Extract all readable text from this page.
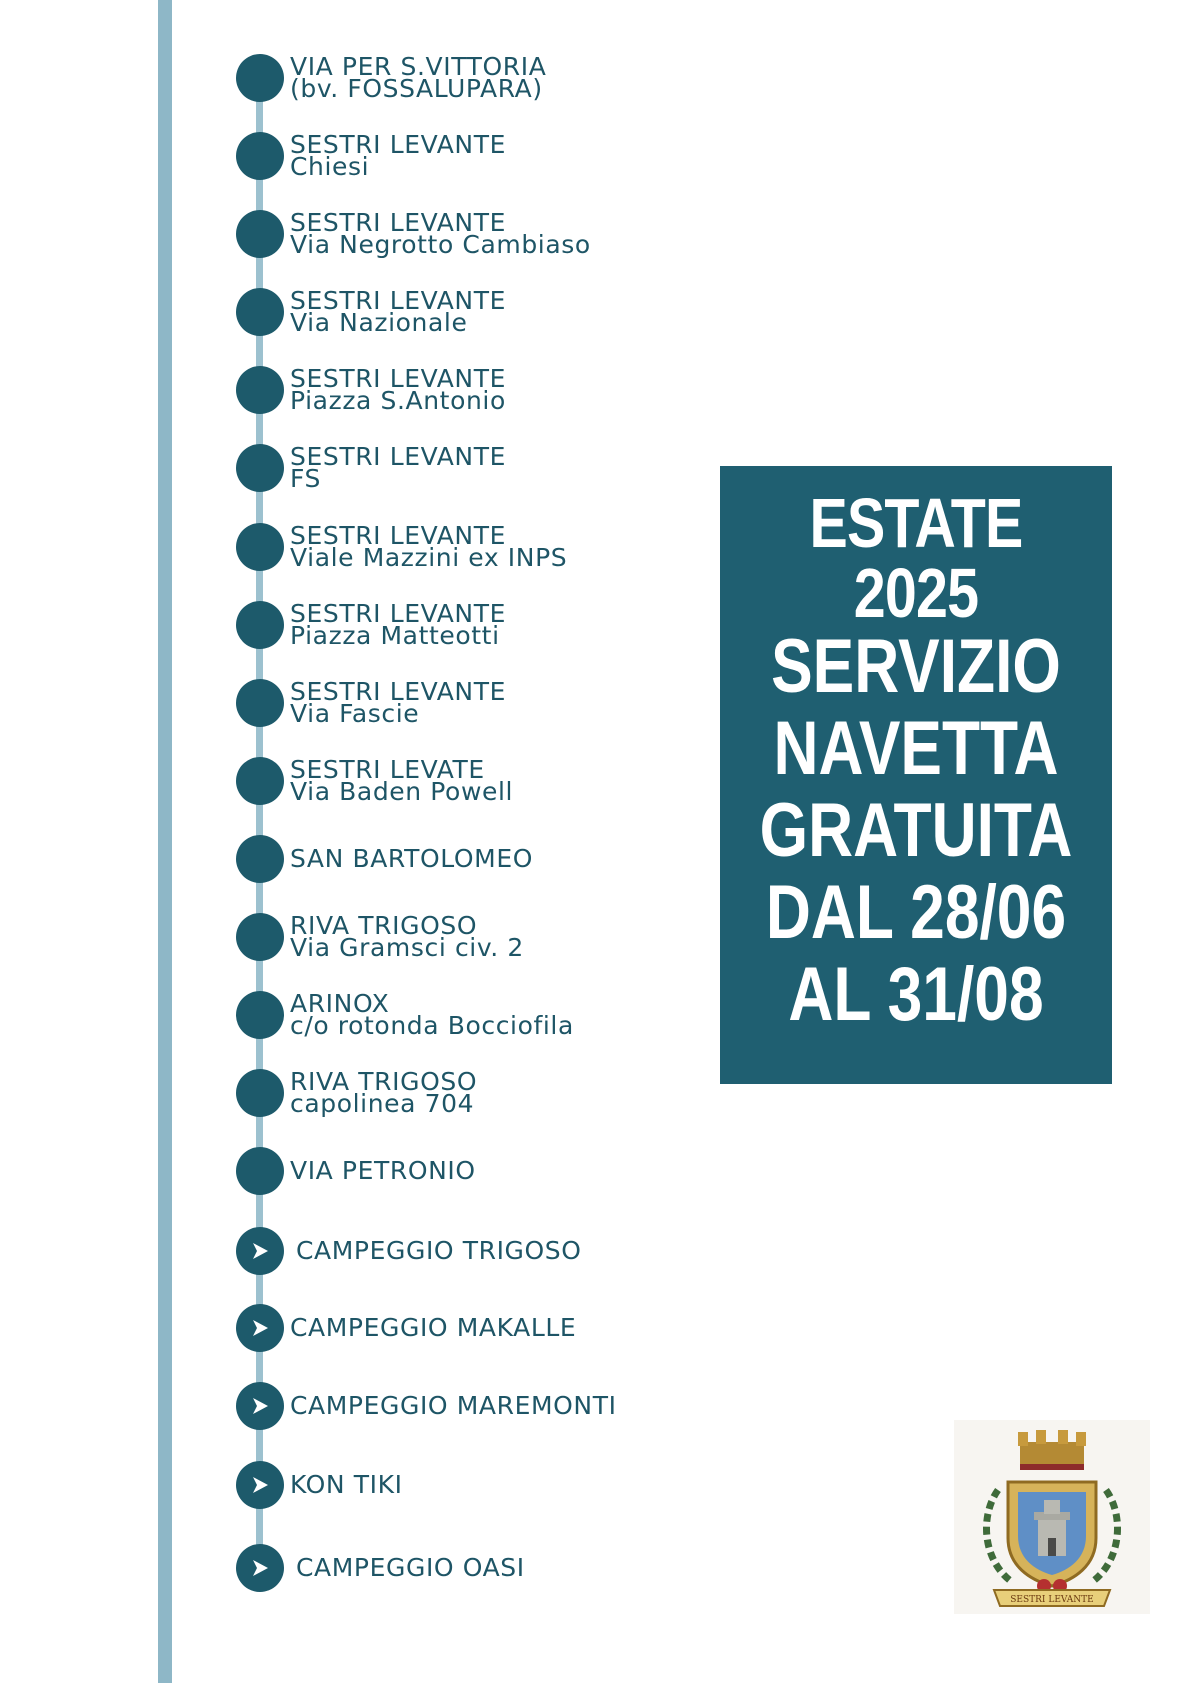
VIA PER S.VITTORIA
(bv. FOSSALUPARA)
SESTRI LEVANTE
Chiesi
SESTRI LEVANTE
Via Negrotto Cambiaso
SESTRI LEVANTE
Via Nazionale
SESTRI LEVANTE
Piazza S.Antonio
SESTRI LEVANTE
FS
SESTRI LEVANTE
Viale Mazzini ex INPS
SESTRI LEVANTE
Piazza Matteotti
SESTRI LEVANTE
Via Fascie
SESTRI LEVATE
Via Baden Powell
SAN BARTOLOMEO
RIVA TRIGOSO
Via Gramsci civ. 2
ARINOX
c/o rotonda Bocciofila
RIVA TRIGOSO
capolinea 704
VIA PETRONIO
CAMPEGGIO TRIGOSO
CAMPEGGIO MAKALLE
CAMPEGGIO MAREMONTI
KON TIKI
CAMPEGGIO OASI
ESTATE 2025
SERVIZIO
NAVETTA
GRATUITA
DAL 28/06
AL 31/08
SESTRI LEVANTE
